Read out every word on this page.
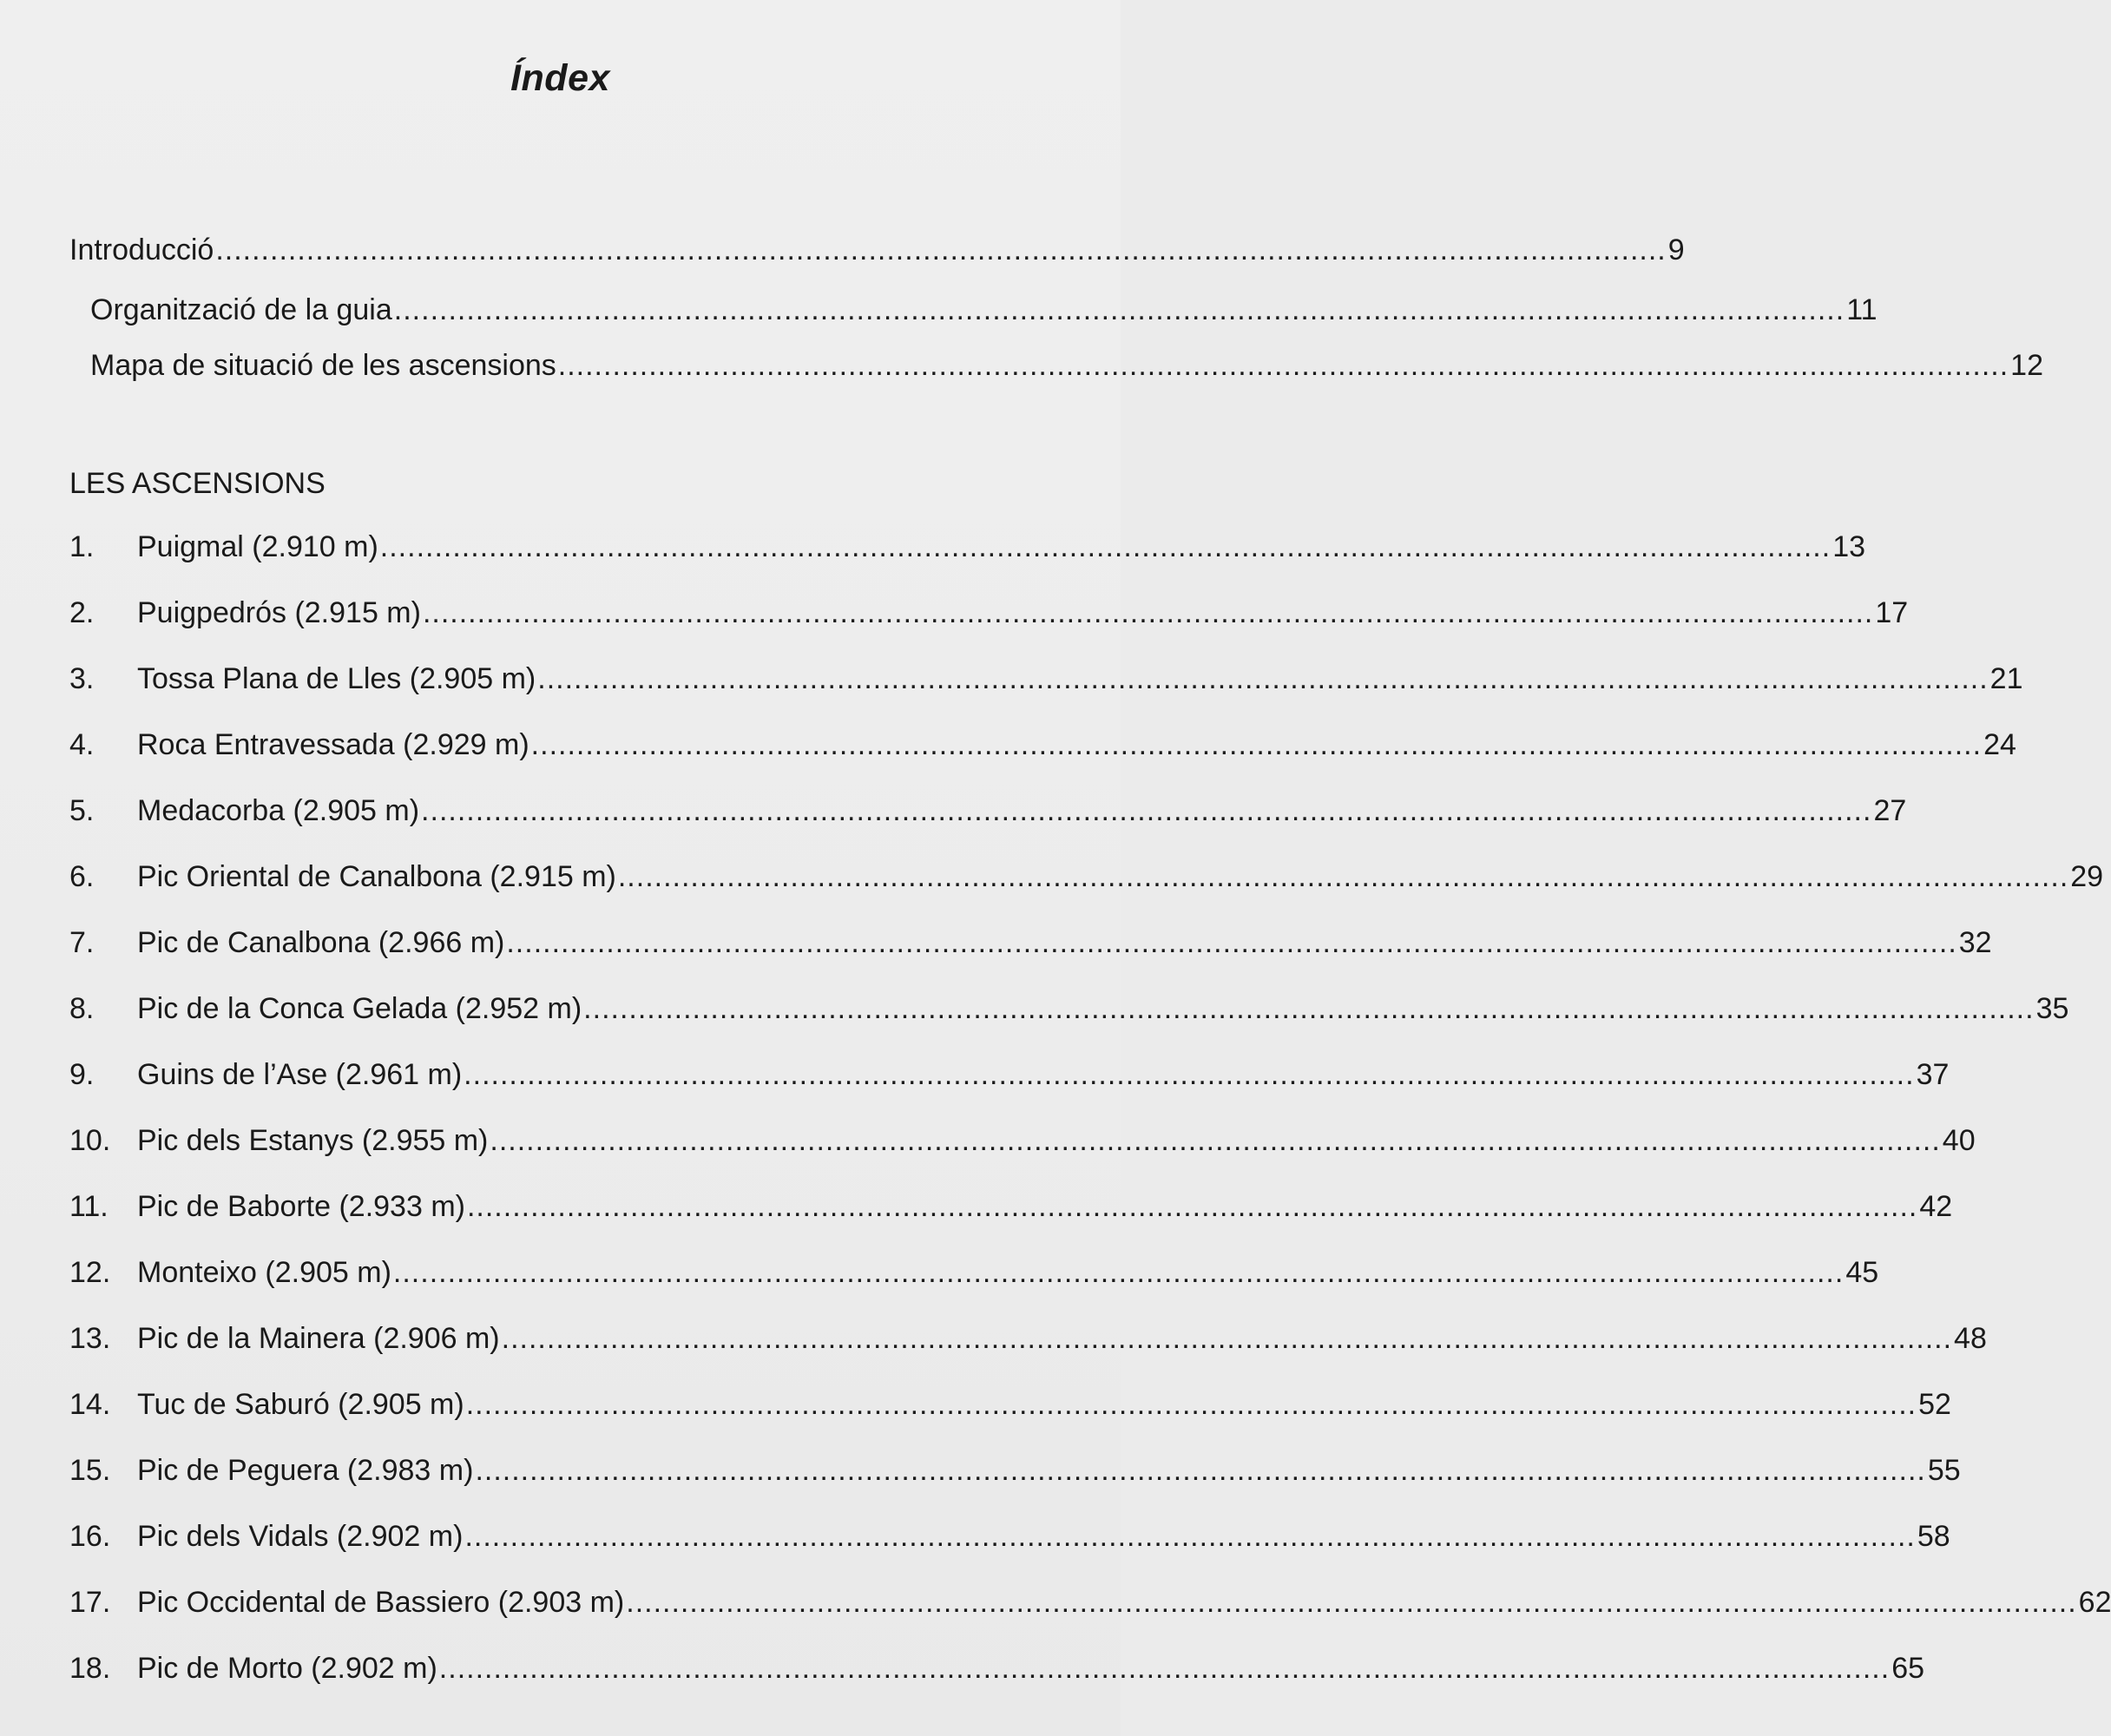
Índex
Introducció ................................................................................................................................................................ 9
Organització de la guia ................................................................................................................................................................ 11
Mapa de situació de les ascensions ................................................................................................................................................................ 12
LES ASCENSIONS
1. Puigmal (2.910 m) ................................................................................................................................................................ 13
2. Puigpedrós (2.915 m) ................................................................................................................................................................ 17
3. Tossa Plana de Lles (2.905 m) ................................................................................................................................................................ 21
4. Roca Entravessada (2.929 m) ................................................................................................................................................................ 24
5. Medacorba (2.905 m) ................................................................................................................................................................ 27
6. Pic Oriental de Canalbona (2.915 m) ................................................................................................................................................................ 29
7. Pic de Canalbona (2.966 m) ................................................................................................................................................................ 32
8. Pic de la Conca Gelada (2.952 m) ................................................................................................................................................................ 35
9. Guins de l’Ase (2.961 m) ................................................................................................................................................................ 37
10. Pic dels Estanys (2.955 m) ................................................................................................................................................................ 40
11. Pic de Baborte (2.933 m) ................................................................................................................................................................ 42
12. Monteixo (2.905 m) ................................................................................................................................................................ 45
13. Pic de la Mainera (2.906 m) ................................................................................................................................................................ 48
14. Tuc de Saburó (2.905 m) ................................................................................................................................................................ 52
15. Pic de Peguera (2.983 m) ................................................................................................................................................................ 55
16. Pic dels Vidals (2.902 m) ................................................................................................................................................................ 58
17. Pic Occidental de Bassiero (2.903 m) ................................................................................................................................................................ 62
18. Pic de Morto (2.902 m) ................................................................................................................................................................ 65
